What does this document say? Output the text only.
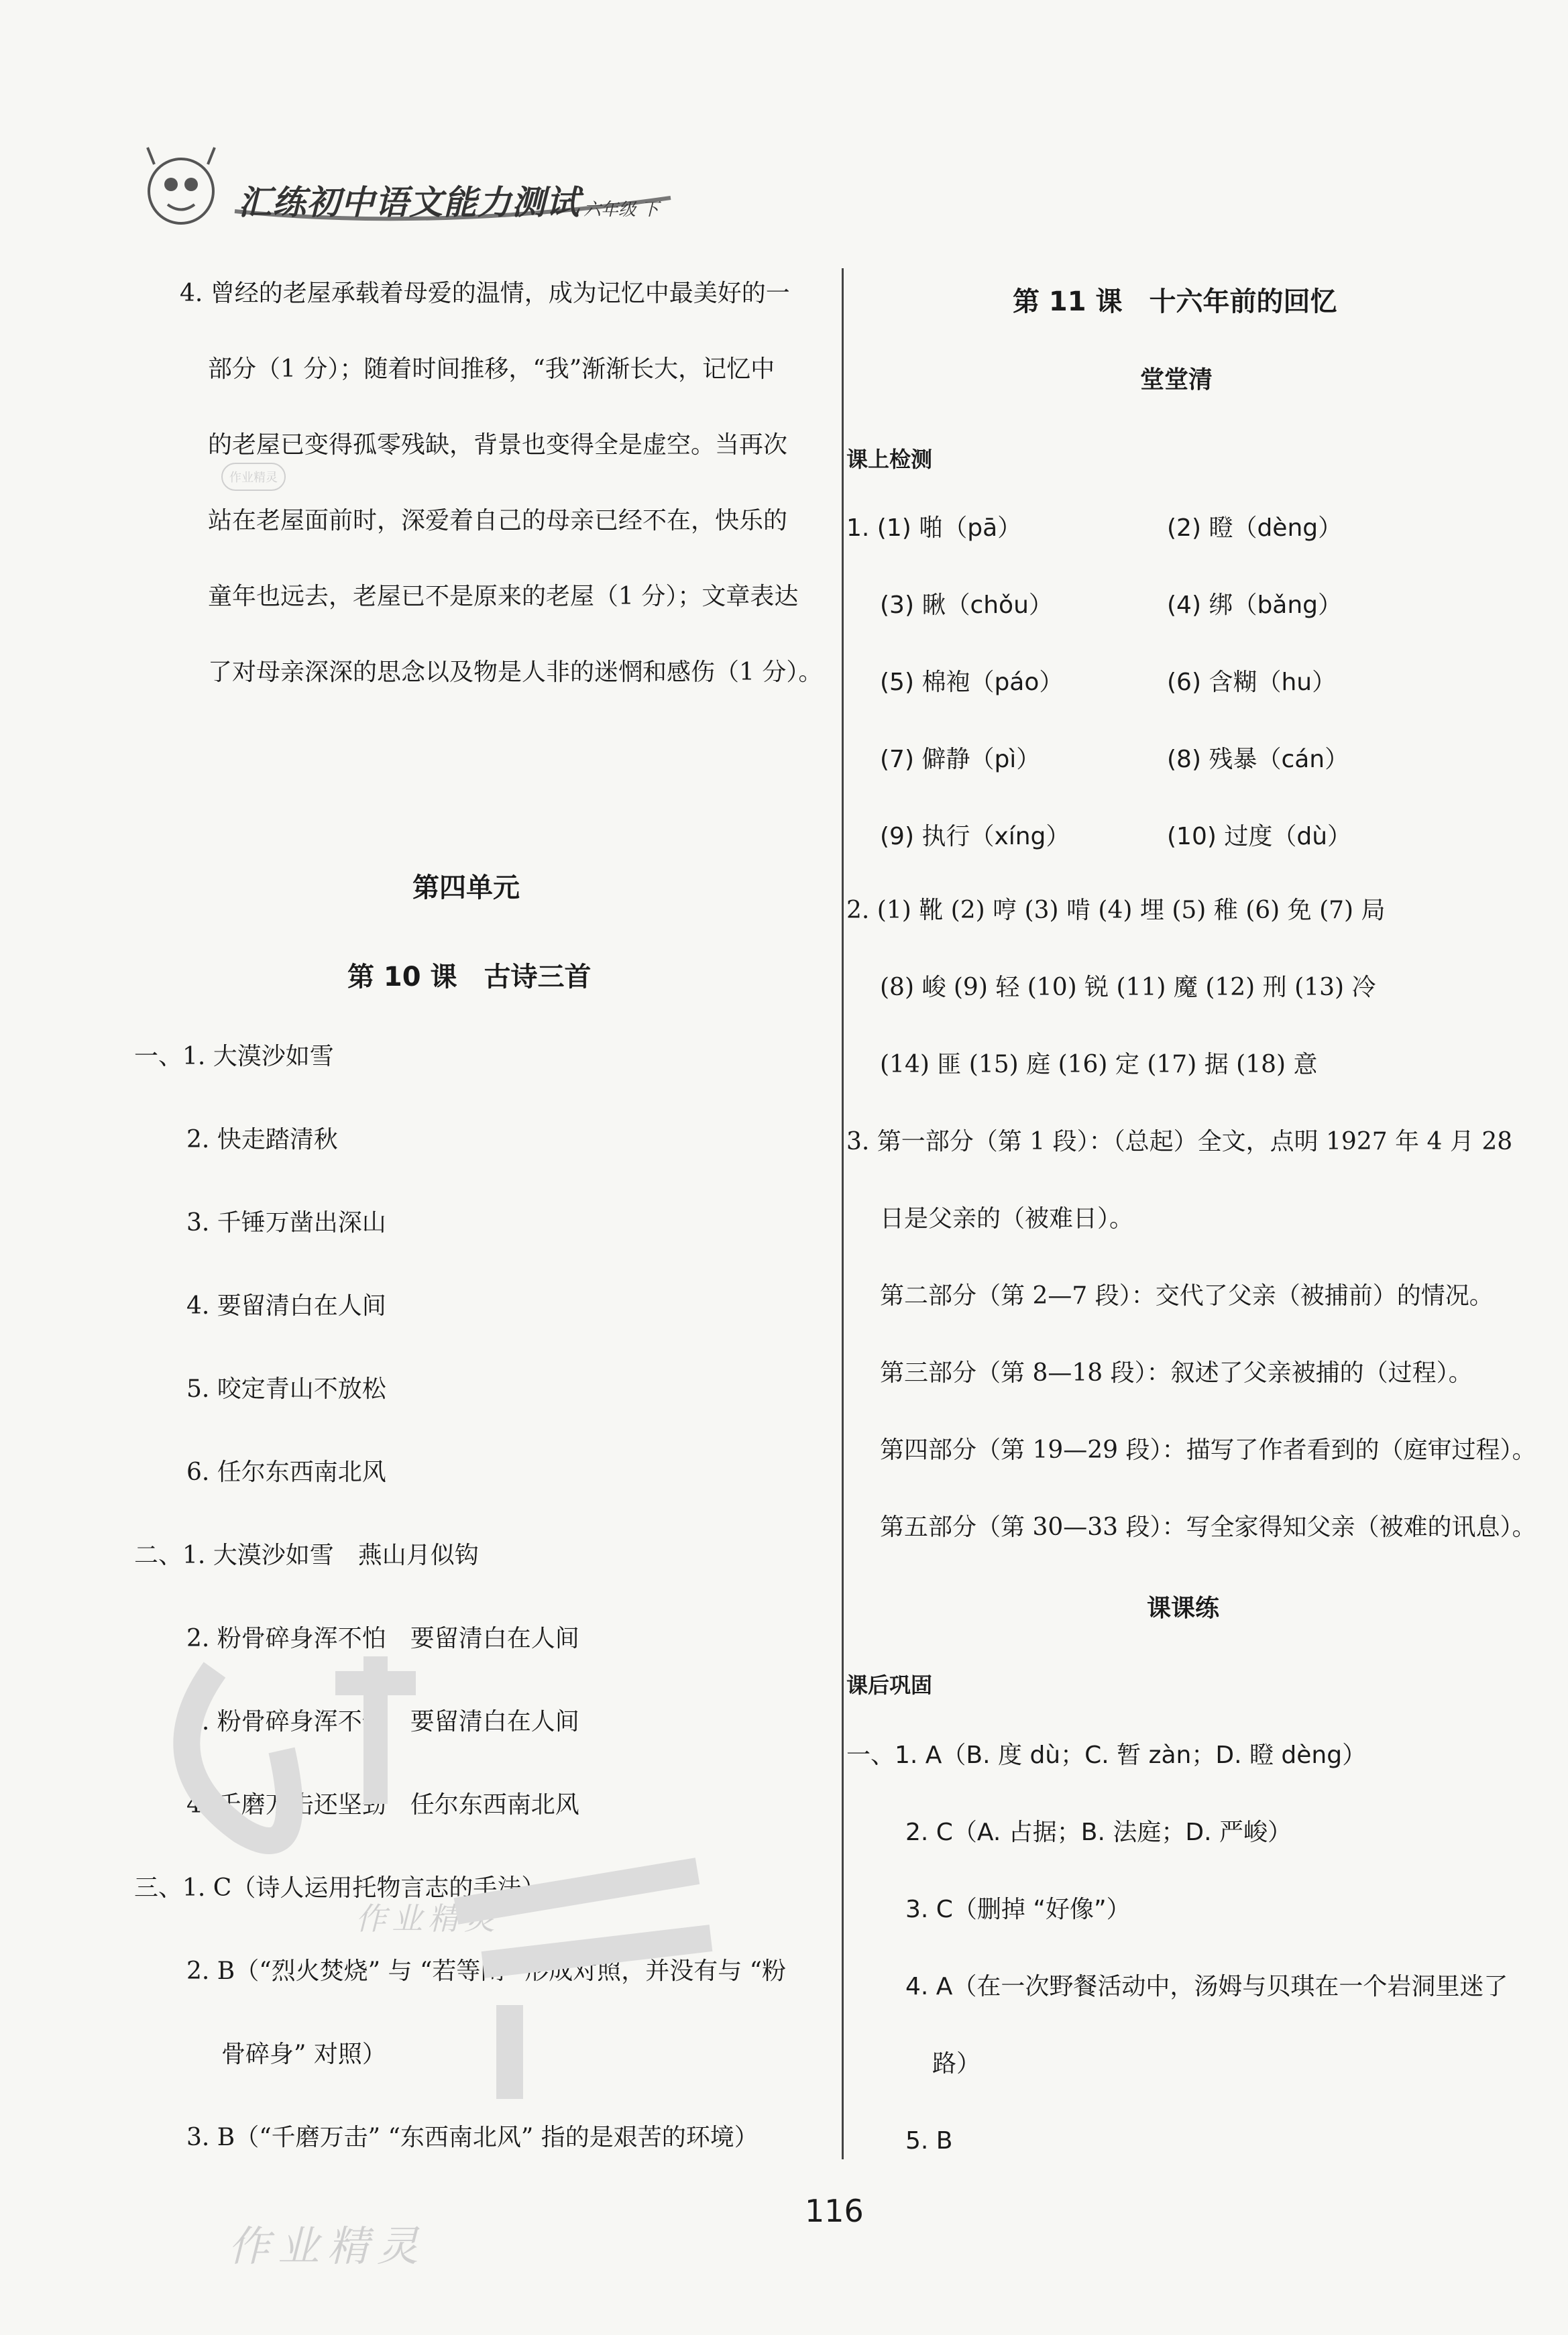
汇练初中语文能力测试 六年级 下
4. 曾经的老屋承载着母爱的温情，成为记忆中最美好的一
部分（1 分）；随着时间推移，“我”渐渐长大，记忆中
的老屋已变得孤零残缺，背景也变得全是虚空。当再次
站在老屋面前时，深爱着自己的母亲已经不在，快乐的
童年也远去，老屋已不是原来的老屋（1 分）；文章表达
了对母亲深深的思念以及物是人非的迷惘和感伤（1 分）。
第四单元
第 10 课　古诗三首
一、1. 大漠沙如雪
2. 快走踏清秋
3. 千锤万凿出深山
4. 要留清白在人间
5. 咬定青山不放松
6. 任尔东西南北风
二、1. 大漠沙如雪　燕山月似钩
2. 粉骨碎身浑不怕　要留清白在人间
3. 粉骨碎身浑不怕　要留清白在人间
4. 千磨万击还坚劲　任尔东西南北风
三、1. C（诗人运用托物言志的手法）
2. B（“烈火焚烧” 与 “若等闲” 形成对照，并没有与 “粉
骨碎身” 对照）
3. B（“千磨万击” “东西南北风” 指的是艰苦的环境）
第 11 课　十六年前的回忆
堂堂清
课上检测
1. (1) 啪（pā）	(2) 瞪（dèng）
(3) 瞅（chǒu）	(4) 绑（bǎng）
(5) 棉袍（páo）	(6) 含糊（hu）
(7) 僻静（pì）	(8) 残暴（cán）
(9) 执行（xíng）	(10) 过度（dù）
2. (1) 靴 (2) 哼 (3) 啃 (4) 埋 (5) 稚 (6) 免 (7) 局
(8) 峻 (9) 轻 (10) 锐 (11) 魔 (12) 刑 (13) 冷
(14) 匪 (15) 庭 (16) 定 (17) 据 (18) 意
3. 第一部分（第 1 段）：（总起）全文，点明 1927 年 4 月 28
日是父亲的（被难日）。
第二部分（第 2—7 段）：交代了父亲（被捕前）的情况。
第三部分（第 8—18 段）：叙述了父亲被捕的（过程）。
第四部分（第 19—29 段）：描写了作者看到的（庭审过程）。
第五部分（第 30—33 段）：写全家得知父亲（被难的讯息）。
课课练
课后巩固
一、1. A（B. 度 dù；C. 暂 zàn；D. 瞪 dèng）
2. C（A. 占据；B. 法庭；D. 严峻）
3. C（删掉 “好像”）
4. A（在一次野餐活动中，汤姆与贝琪在一个岩洞里迷了
路）
5. B
116
作业精灵
作业精灵
作业精灵
